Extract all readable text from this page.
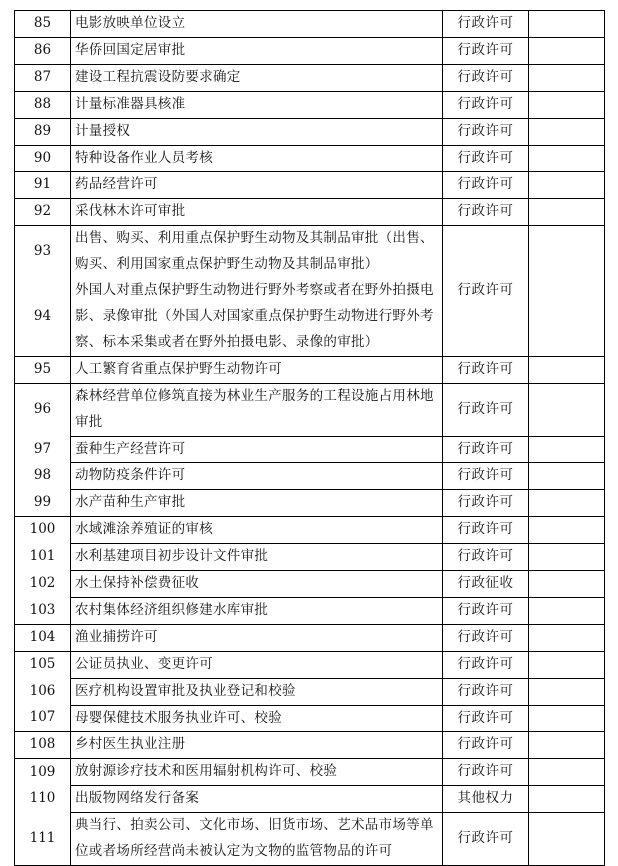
85	电影放映单位设立	行政许可	
86	华侨回国定居审批	行政许可	
87	建设工程抗震设防要求确定	行政许可	
88	计量标准器具核准	行政许可	
89	计量授权	行政许可	
90	特种设备作业人员考核	行政许可	
91	药品经营许可	行政许可	
92	采伐林木许可审批	行政许可	
93	出售、购买、利用重点保护野生动物及其制品审批（出售、购买、利用国家重点保护野生动物及其制品审批）	行政许可	
94	外国人对重点保护野生动物进行野外考察或者在野外拍摄电影、录像审批（外国人对国家重点保护野生动物进行野外考察、标本采集或者在野外拍摄电影、录像的审批）		
95	人工繁育省重点保护野生动物许可	行政许可	
96	森林经营单位修筑直接为林业生产服务的工程设施占用林地审批	行政许可	
97	蚕种生产经营许可	行政许可	
98	动物防疫条件许可	行政许可	
99	水产苗种生产审批	行政许可	
100	水域滩涂养殖证的审核	行政许可	
101	水利基建项目初步设计文件审批	行政许可	
102	水土保持补偿费征收	行政征收	
103	农村集体经济组织修建水库审批	行政许可	
104	渔业捕捞许可	行政许可	
105	公证员执业、变更许可	行政许可	
106	医疗机构设置审批及执业登记和校验	行政许可	
107	母婴保健技术服务执业许可、校验	行政许可	
108	乡村医生执业注册	行政许可	
109	放射源诊疗技术和医用辐射机构许可、校验	行政许可	
110	出版物网络发行备案	其他权力	
111	典当行、拍卖公司、文化市场、旧货市场、艺术品市场等单位或者场所经营尚未被认定为文物的监管物品的许可	行政许可	
